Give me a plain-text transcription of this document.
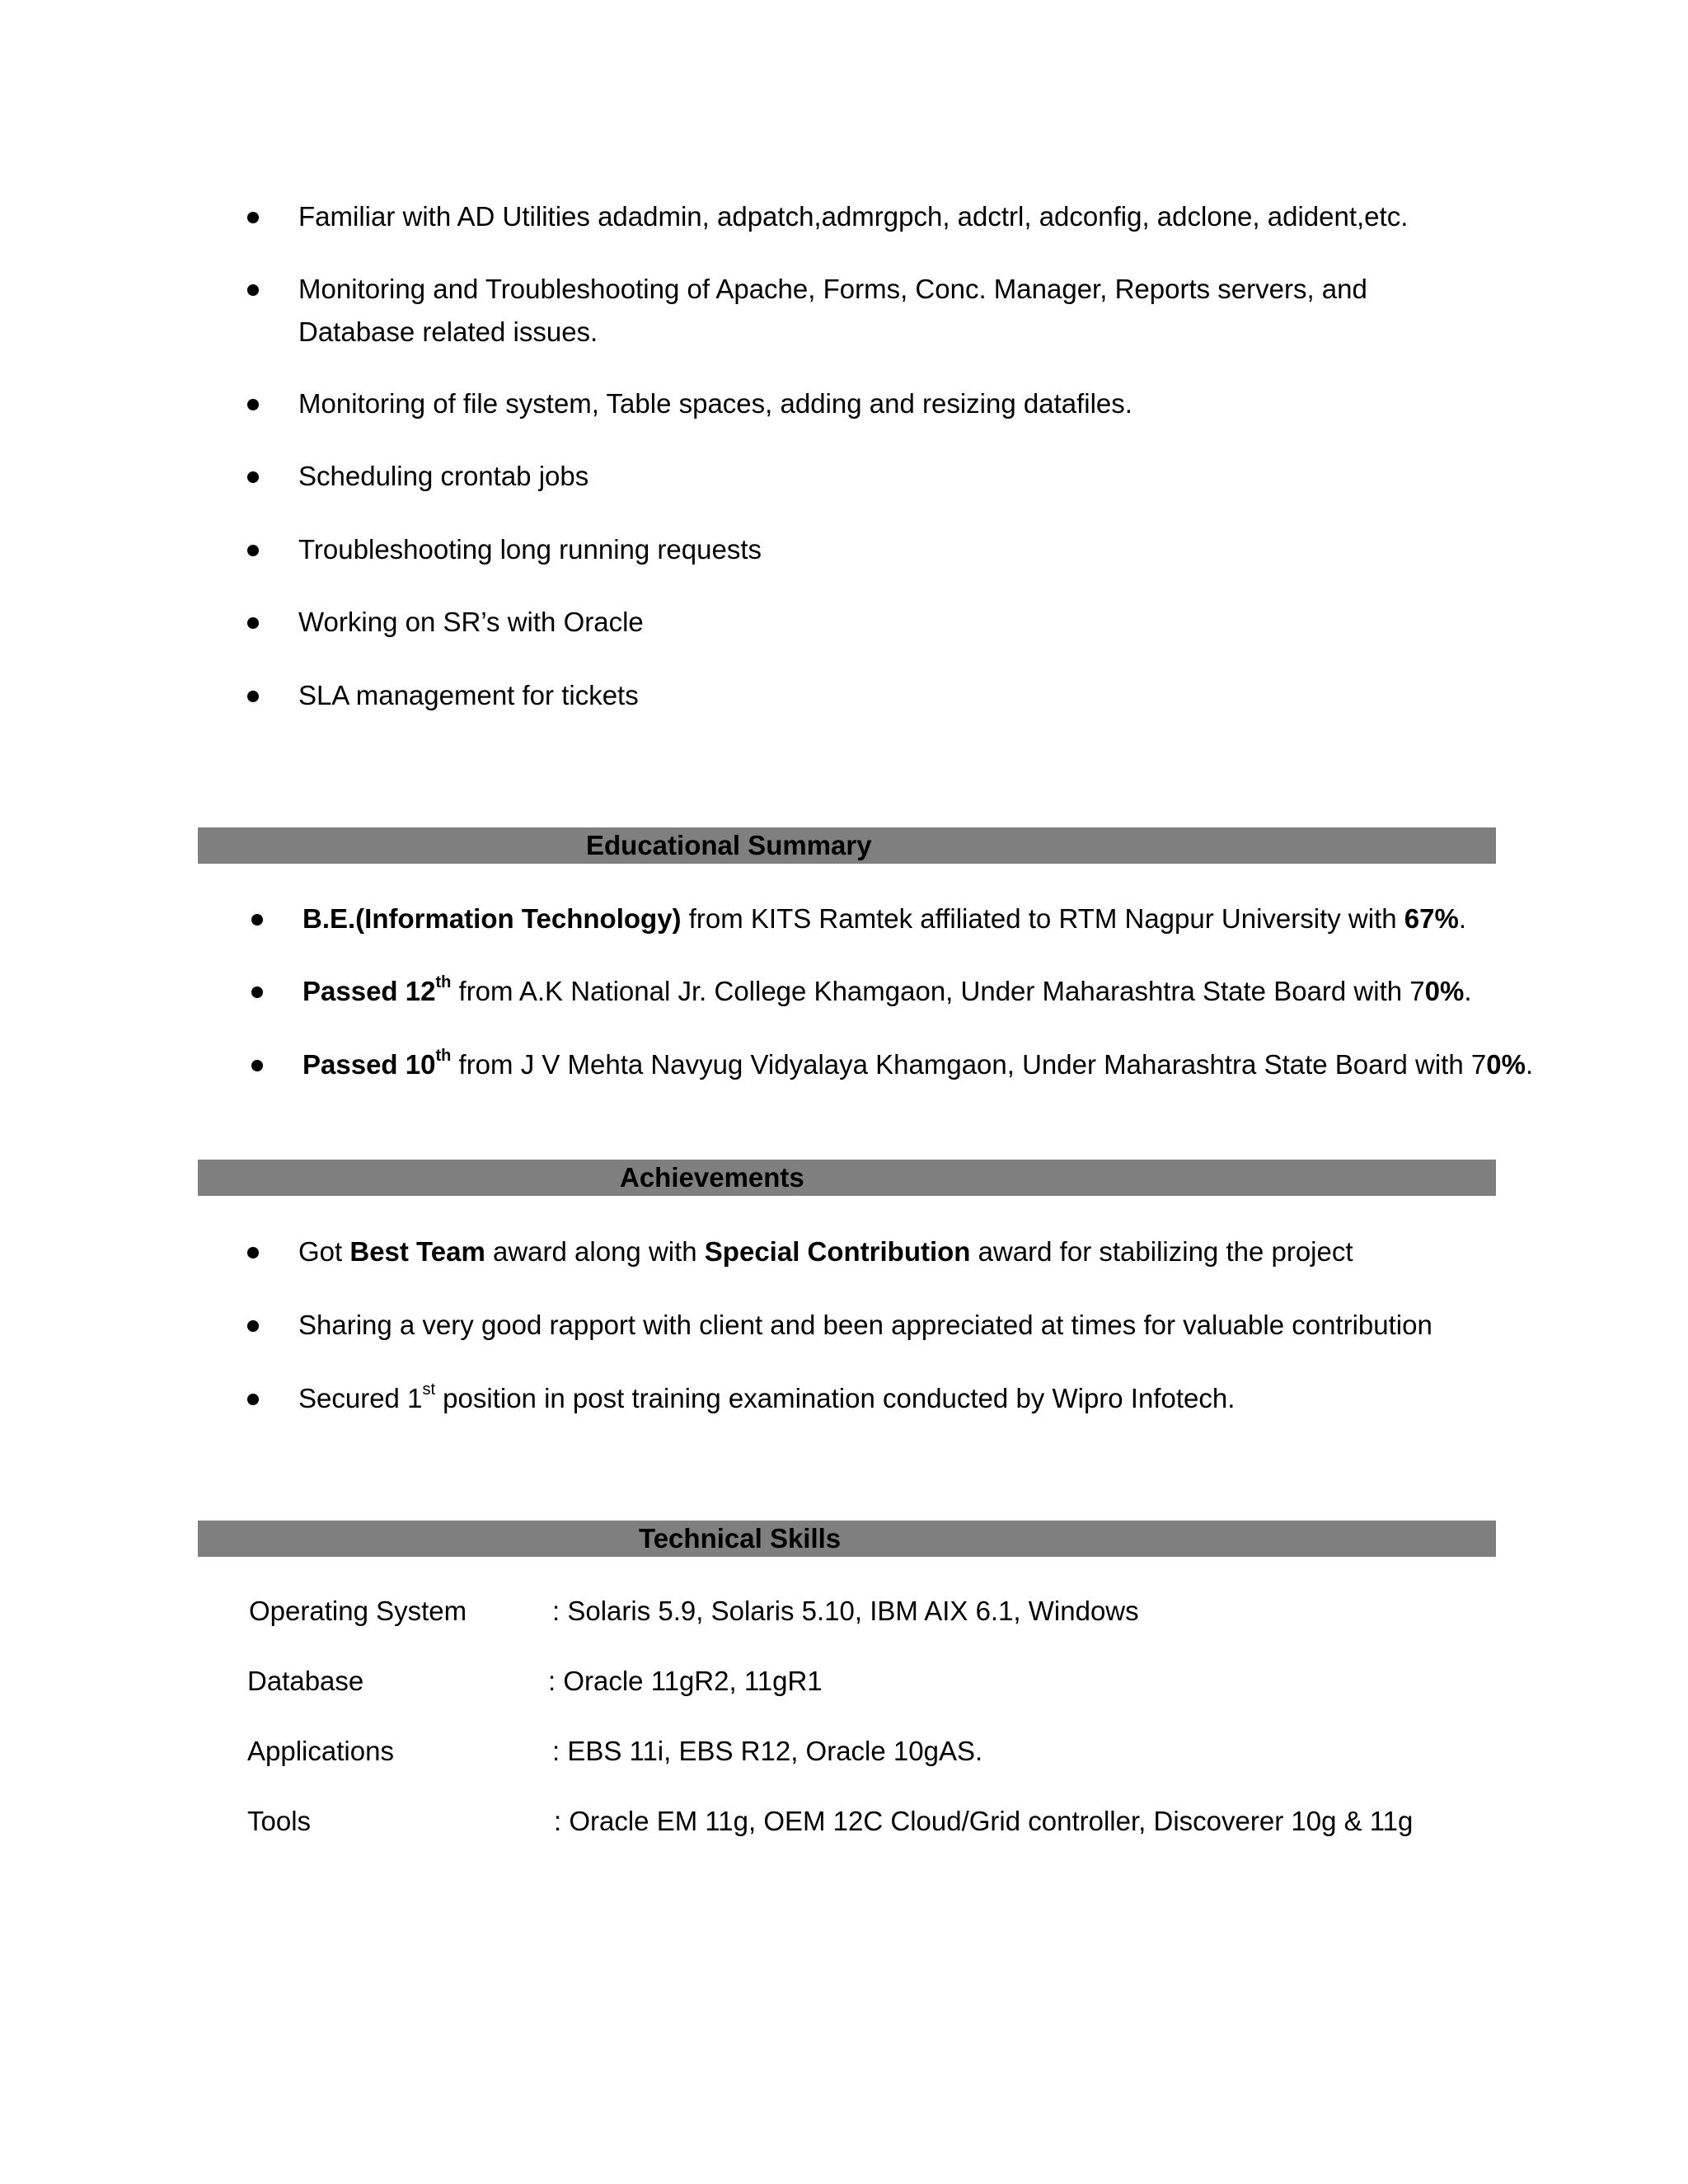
Familiar with AD Utilities adadmin, adpatch,admrgpch, adctrl, adconfig, adclone, adident,etc.
Monitoring and Troubleshooting of Apache, Forms, Conc. Manager, Reports servers, and Database related issues.
Monitoring of file system, Table spaces, adding and resizing datafiles.
Scheduling crontab jobs
Troubleshooting long running requests
Working on SR’s with Oracle
SLA management for tickets
Educational Summary
B.E.(Information Technology) from KITS Ramtek affiliated to RTM Nagpur University with 67%.
Passed 12th from A.K National Jr. College Khamgaon, Under Maharashtra State Board with 70%.
Passed 10th from J V Mehta Navyug Vidyalaya Khamgaon, Under Maharashtra State Board with 70%.
Achievements
Got Best Team award along with Special Contribution award for stabilizing the project
Sharing a very good rapport with client and been appreciated at times for valuable contribution
Secured 1st position in post training examination conducted by Wipro Infotech.
Technical Skills
Operating System	: Solaris 5.9, Solaris 5.10, IBM AIX 6.1, Windows
Database	: Oracle 11gR2, 11gR1
Applications	: EBS 11i, EBS R12, Oracle 10gAS.
Tools	: Oracle EM 11g, OEM 12C Cloud/Grid controller, Discoverer 10g & 11g
